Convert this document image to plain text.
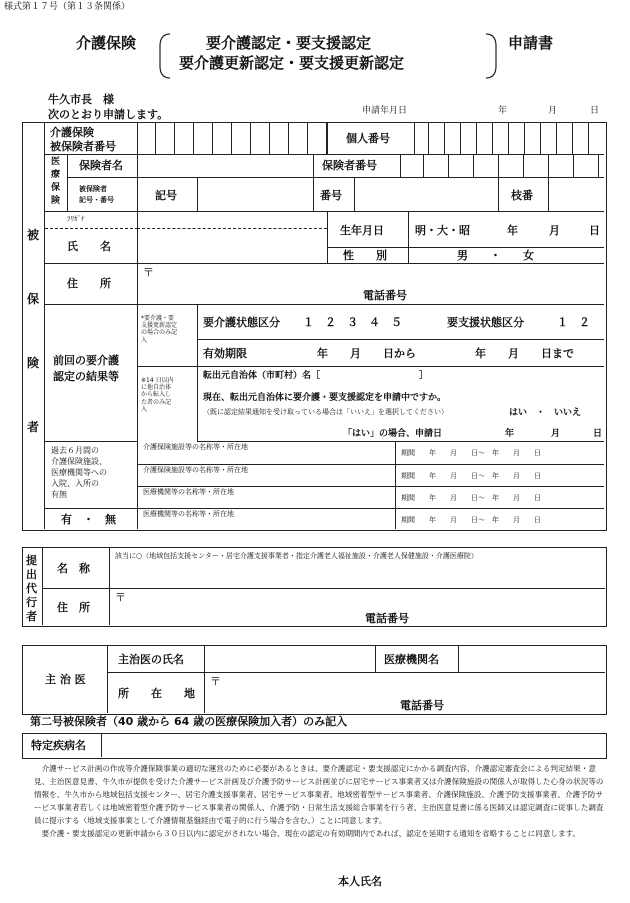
様式第１７号（第１３条関係）
介護保険	要介護認定・要支援認定
要介護更新認定・要支援更新認定
申請書
牛久市長　様
次のとおり申請します。	申請年月日	年	月	日
被
保
険
者
介護保険
被保険者番号
個人番号
医
療
保
険
保険者名	保険者番号
被保険者
記号・番号	記号	番号	枝番
ﾌﾘｶﾞﾅ
氏　　名
生年月日	明・大・昭	年	月	日
性　　別	男　　・　　女
住　　所
〒
電話番号
前回の要介護
認定の結果等
*要介護・要
支援更新認定
の場合のみ記
入
要介護状態区分 １　２　３　４　５	要支援状態区分	１　２
有効期限	年　　月　　日から	年　　月　　日まで
※14 日以内
に他自治体
から転入し
た者のみ記
入
転出元自治体（市町村）名［　　　　　　　　　　　］
現在、転出元自治体に要介護・要支援認定を申請中ですか。
（既に認定結果通知を受け取っている場合は「いいえ」を選択してください）	はい　・　いいえ
「はい」の場合、申請日	年	月	日
過去６月間の
介護保険施設、
医療機関等への
入院、入所の
有無
有　・　無
介護保険施設等の名称等・所在地
期間　　年　　月　　日～　年　　月　　日
介護保険施設等の名称等・所在地
期間　　年　　月　　日～　年　　月　　日
医療機関等の名称等・所在地
期間　　年　　月　　日～　年　　月　　日
医療機関等の名称等・所在地
期間　　年　　月　　日～　年　　月　　日
提
出
代
行
者
名　称
該当に○（地域包括支援センター・居宅介護支援事業者・指定介護老人福祉施設・介護老人保健施設・介護医療院）
住　所
〒
電話番号
主 治 医
主治医の氏名	医療機関名
所　　在　　地
〒
電話番号
第二号被保険者（40 歳から 64 歳の医療保険加入者）のみ記入
特定疾病名
　介護サービス計画の作成等介護保険事業の適切な運営のために必要があるときは、要介護認定・要支援認定にかかる調査内容、介護認定審査会による判定結果・意見、主治医意見書、牛久市が提供を受けた介護サービス計画及び介護予防サービス計画並びに居宅サービス事業者又は介護保険施設の関係人が取得した心身の状況等の情報を、牛久市から地域包括支援センター、居宅介護支援事業者、居宅サービス事業者、地域密着型サービス事業者、介護保険施設、介護予防支援事業者、介護予防サービス事業者若しくは地域密着型介護予防サービス事業者の関係人、介護予防・日常生活支援総合事業を行う者、主治医意見書に係る医師又は認定調査に従事した調査員に提示する（地域支援事業として介護情報基盤経由で電子的に行う場合を含む。）ことに同意します。
　要介護・要支援認定の更新申請から３０日以内に認定がされない場合、現在の認定の有効期間内であれば、認定を延期する通知を省略することに同意します。
本人氏名
